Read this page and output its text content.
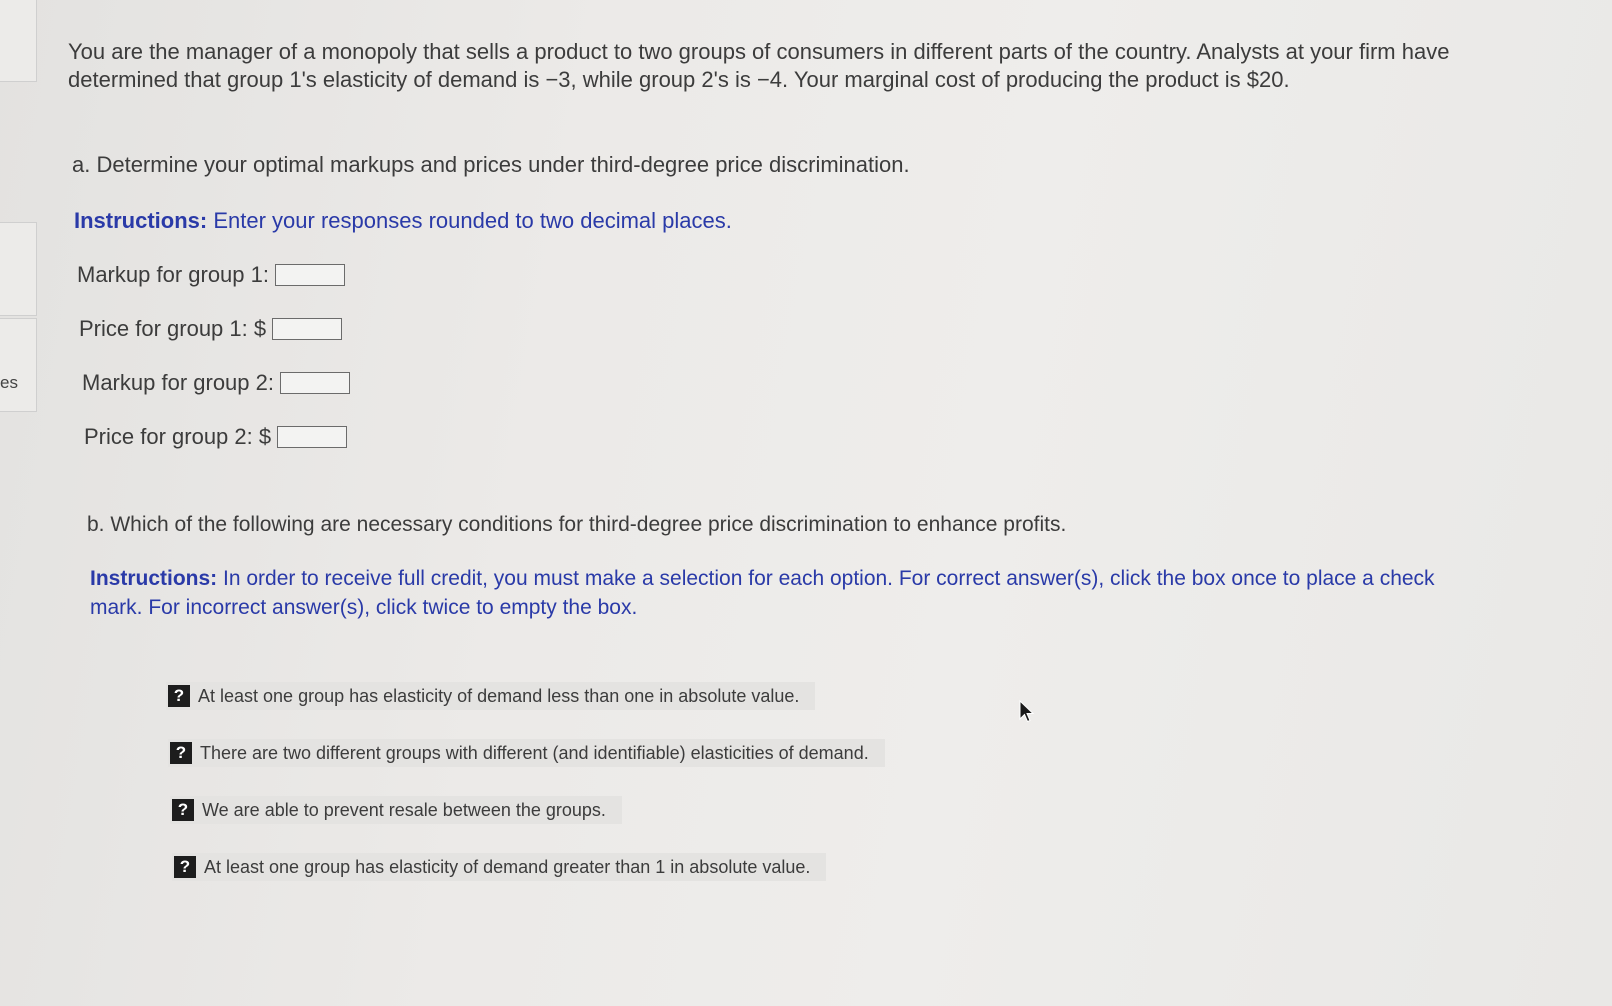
es

You are the manager of a monopoly that sells a product to two groups of consumers in different parts of the country. Analysts at your firm have determined that group 1's elasticity of demand is −3, while group 2's is −4. Your marginal cost of producing the product is $20.

a. Determine your optimal markups and prices under third-degree price discrimination.

Instructions: Enter your responses rounded to two decimal places.

Markup for group 1:
Price for group 1: $
Markup for group 2:
Price for group 2: $

b. Which of the following are necessary conditions for third-degree price discrimination to enhance profits.

Instructions: In order to receive full credit, you must make a selection for each option. For correct answer(s), click the box once to place a check mark. For incorrect answer(s), click twice to empty the box.

? At least one group has elasticity of demand less than one in absolute value.
? There are two different groups with different (and identifiable) elasticities of demand.
? We are able to prevent resale between the groups.
? At least one group has elasticity of demand greater than 1 in absolute value.
